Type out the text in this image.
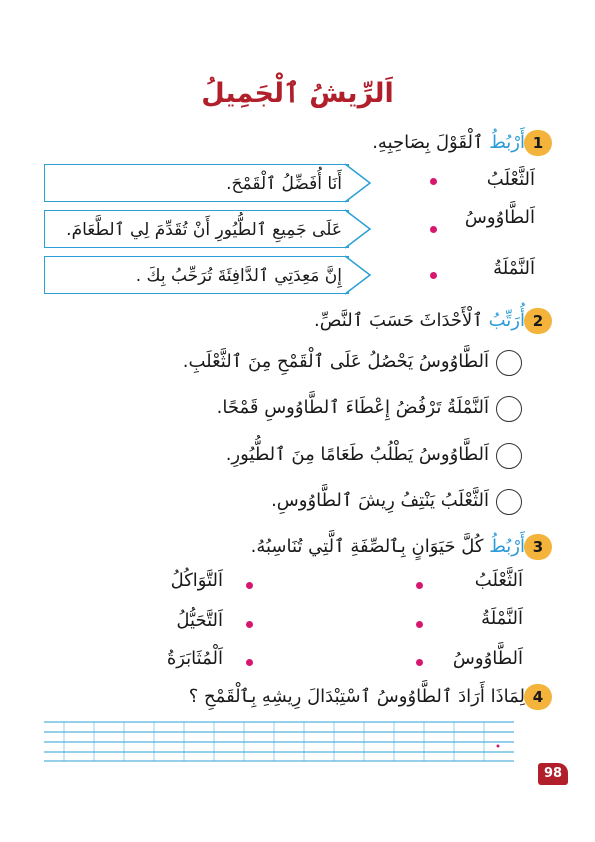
اَلرِّيشُ ٱلْجَمِيلُ
1
أَرْبُطُ ٱلْقَوْلَ بِصَاحِبِهِ.
اَلثَّعْلَبُ
اَلطَّاوُوسُ
اَلنَّمْلَةُ
أَنَا أُفَضِّلُ ٱلْقَمْحَ.
عَلَى جَمِيعِ ٱلطُّيُورِ أَنْ تُقَدِّمَ لِي ٱلطَّعَامَ.
إِنَّ مَعِدَتِي ٱلدَّافِئَةَ تُرَحِّبُ بِكَ .
2
أُرَتِّبُ ٱلْأَحْدَاثَ حَسَبَ ٱلنَّصِّ.
اَلطَّاوُوسُ يَحْصُلُ عَلَى ٱلْقَمْحِ مِنَ ٱلثَّعْلَبِ.
اَلنَّمْلَةُ تَرْفُضُ إِعْطَاءَ ٱلطَّاوُوسِ قَمْحًا.
اَلطَّاوُوسُ يَطْلُبُ طَعَامًا مِنَ ٱلطُّيُورِ.
اَلثَّعْلَبُ يَنْتِفُ رِيشَ ٱلطَّاوُوسِ.
3
أَرْبُطُ كُلَّ حَيَوَانٍ بِٱلصِّفَةِ ٱلَّتِي تُنَاسِبُهُ.
اَلثَّعْلَبُ
اَلنَّمْلَةُ
اَلطَّاوُوسُ
اَلتَّوَاكُلُ
اَلتَّحَيُّلُ
اَلْمُثَابَرَةُ
4
لِمَاذَا أَرَادَ ٱلطَّاوُوسُ ٱسْتِبْدَالَ رِيشِهِ بِٱلْقَمْحِ ؟
98
